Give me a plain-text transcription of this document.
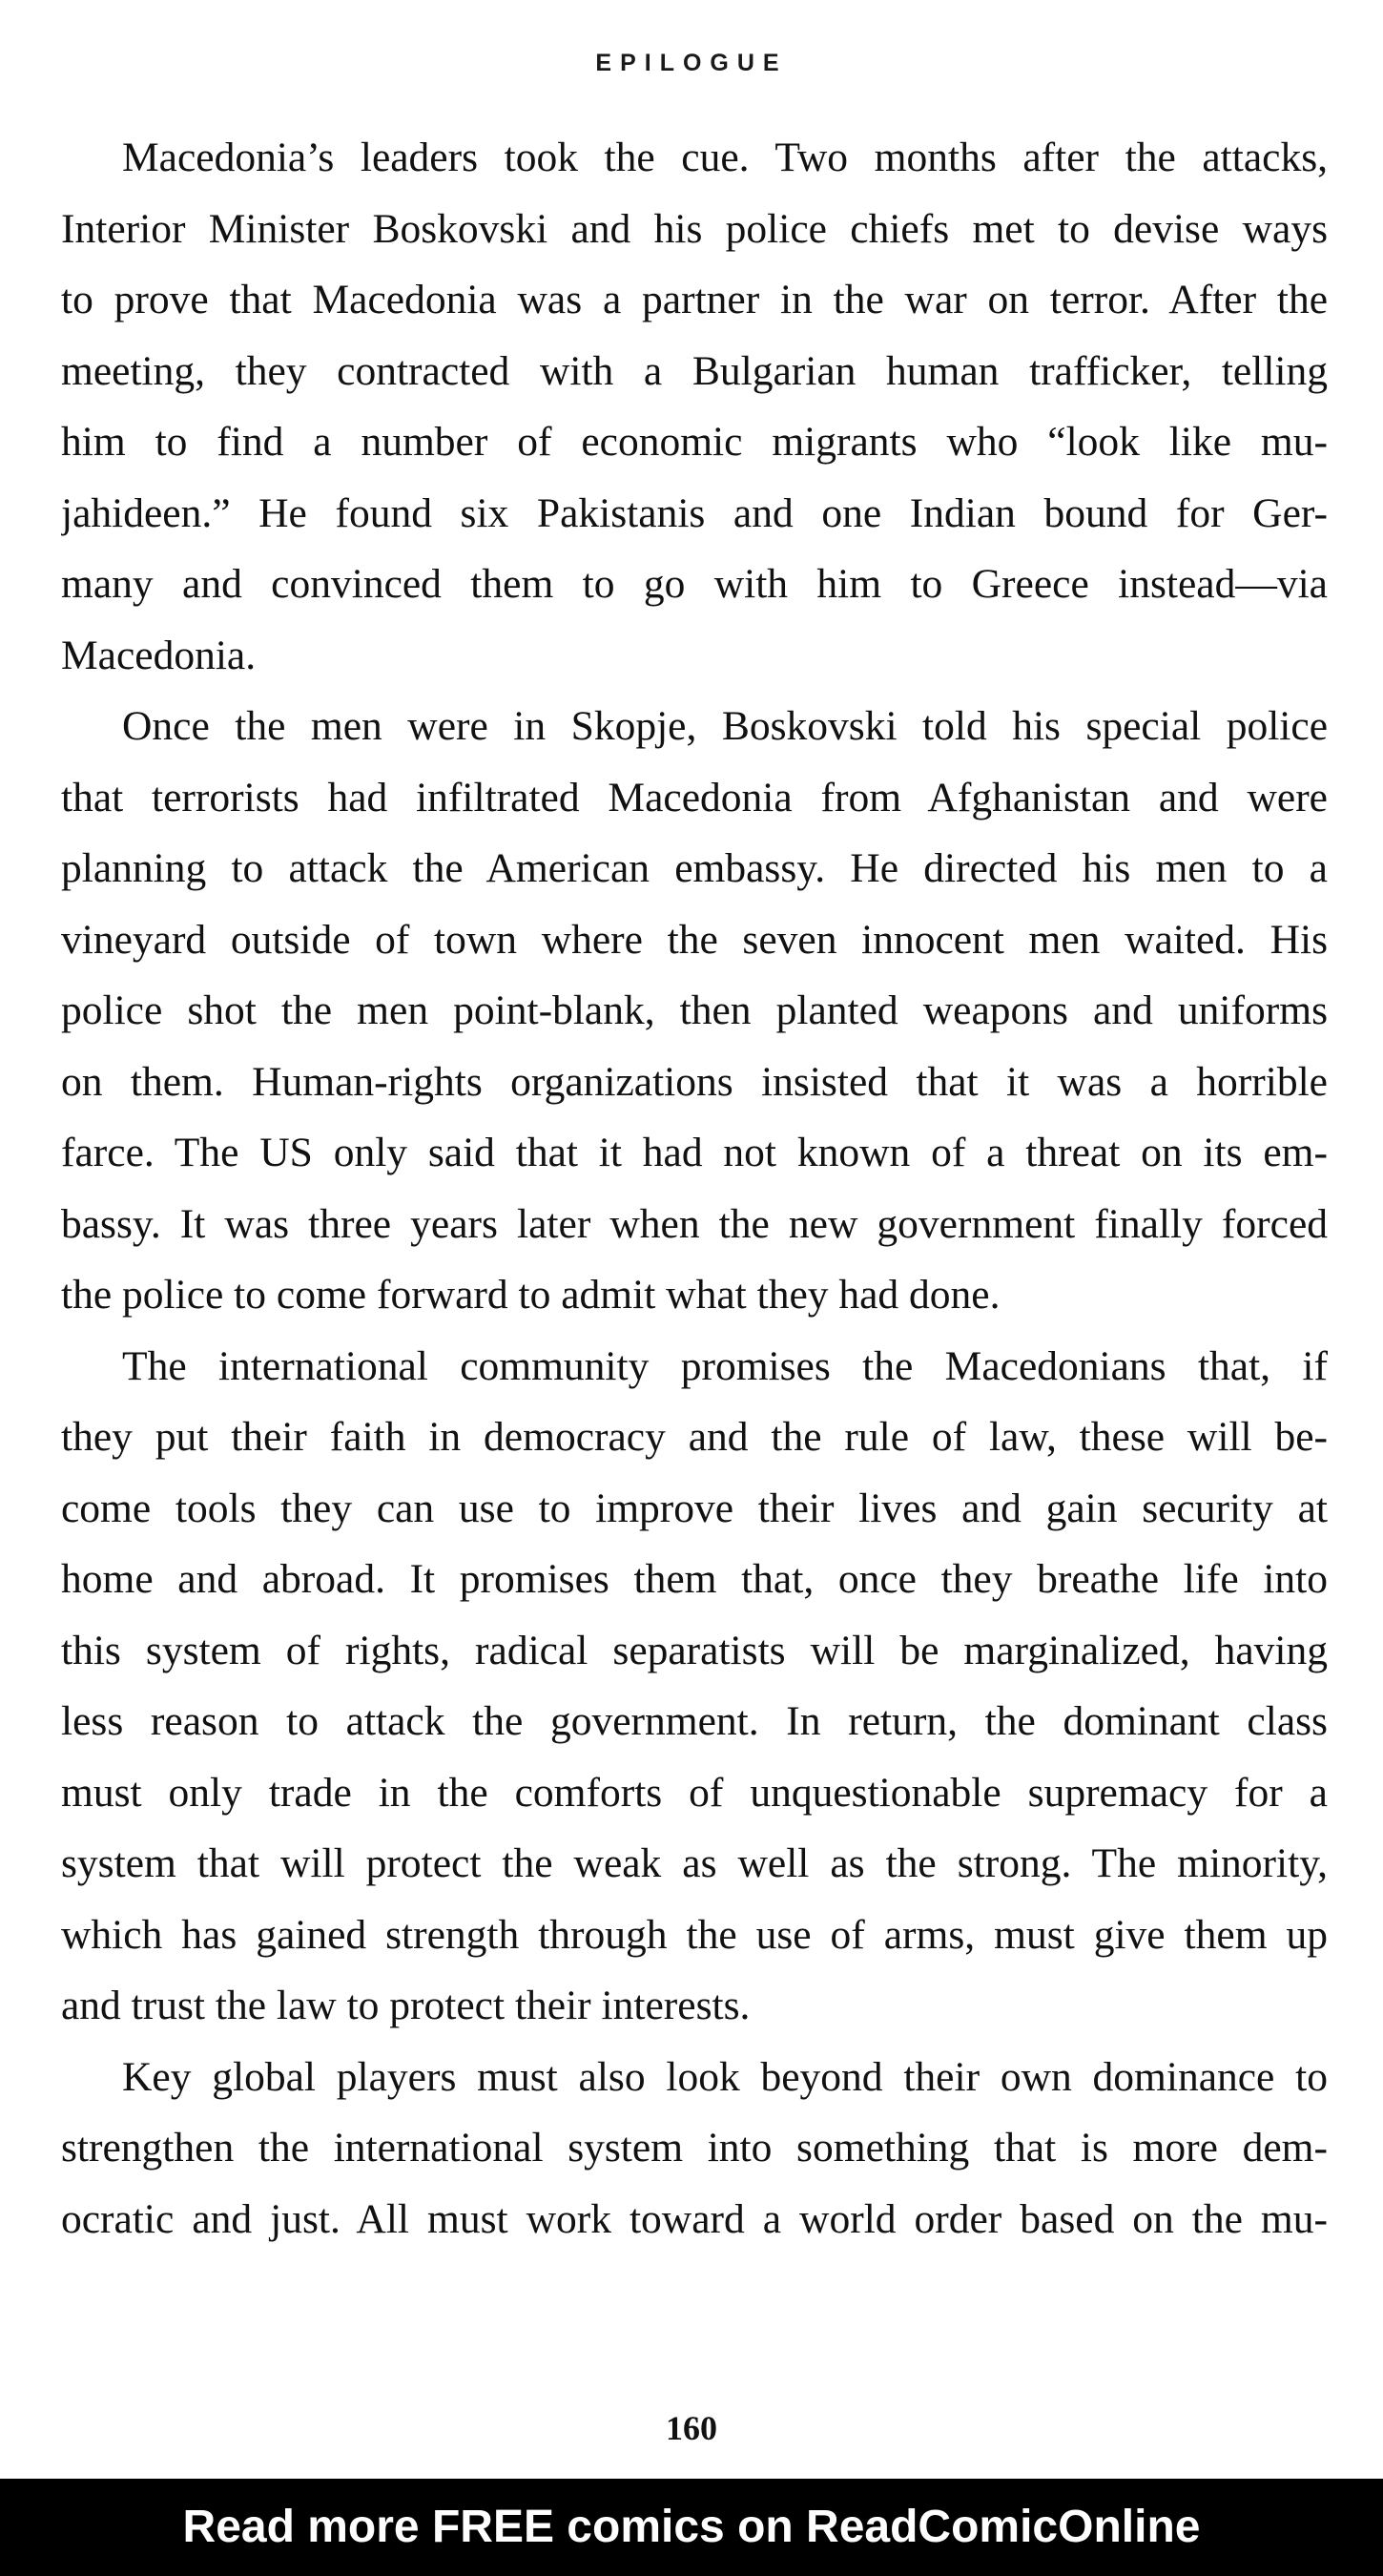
EPILOGUE
Macedonia’s leaders took the cue. Two months after the attacks,
Interior Minister Boskovski and his police chiefs met to devise ways
to prove that Macedonia was a partner in the war on terror. After the
meeting, they contracted with a Bulgarian human trafficker, telling
him to find a number of economic migrants who “look like mu-
jahideen.” He found six Pakistanis and one Indian bound for Ger-
many and convinced them to go with him to Greece instead—via
Macedonia.
Once the men were in Skopje, Boskovski told his special police
that terrorists had infiltrated Macedonia from Afghanistan and were
planning to attack the American embassy. He directed his men to a
vineyard outside of town where the seven innocent men waited. His
police shot the men point-blank, then planted weapons and uniforms
on them. Human-rights organizations insisted that it was a horrible
farce. The US only said that it had not known of a threat on its em-
bassy. It was three years later when the new government finally forced
the police to come forward to admit what they had done.
The international community promises the Macedonians that, if
they put their faith in democracy and the rule of law, these will be-
come tools they can use to improve their lives and gain security at
home and abroad. It promises them that, once they breathe life into
this system of rights, radical separatists will be marginalized, having
less reason to attack the government. In return, the dominant class
must only trade in the comforts of unquestionable supremacy for a
system that will protect the weak as well as the strong. The minority,
which has gained strength through the use of arms, must give them up
and trust the law to protect their interests.
Key global players must also look beyond their own dominance to
strengthen the international system into something that is more dem-
ocratic and just. All must work toward a world order based on the mu-
160
Read more FREE comics on ReadComicOnline
